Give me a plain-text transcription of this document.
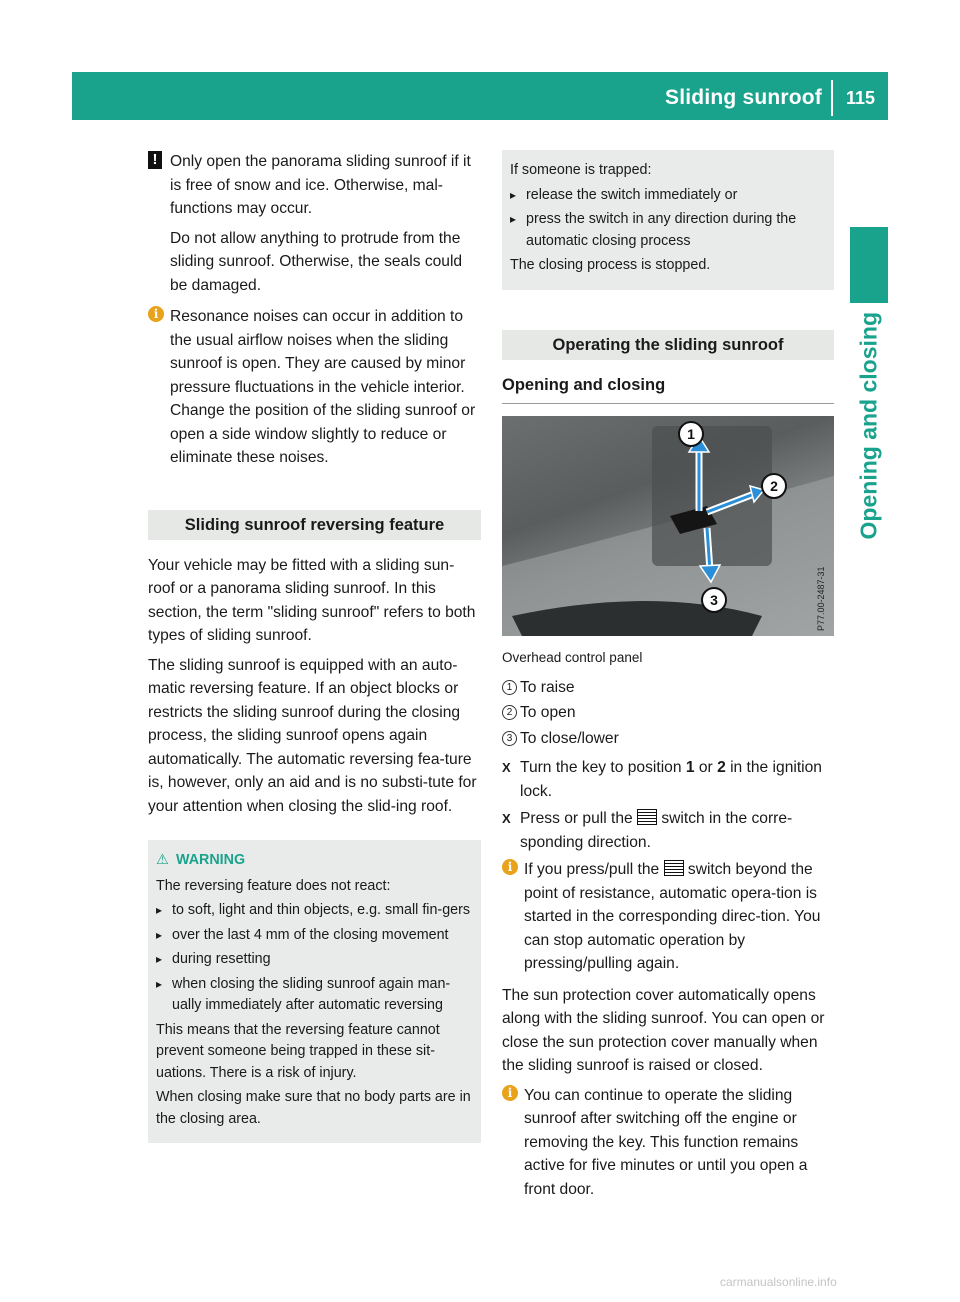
Sliding sunroof 115
Opening and closing
! Only open the panorama sliding sunroof if it is free of snow and ice. Otherwise, mal-functions may occur.

Do not allow anything to protrude from the sliding sunroof. Otherwise, the seals could be damaged.

i Resonance noises can occur in addition to the usual airflow noises when the sliding sunroof is open. They are caused by minor pressure fluctuations in the vehicle interior. Change the position of the sliding sunroof or open a side window slightly to reduce or eliminate these noises.

Sliding sunroof reversing feature

Your vehicle may be fitted with a sliding sun-roof or a panorama sliding sunroof. In this section, the term "sliding sunroof" refers to both types of sliding sunroof.

The sliding sunroof is equipped with an auto-matic reversing feature. If an object blocks or restricts the sliding sunroof during the closing process, the sliding sunroof opens again automatically. The automatic reversing fea-ture is, however, only an aid and is no substi-tute for your attention when closing the slid-ing roof.

⚠ WARNING

The reversing feature does not react:

▸ to soft, light and thin objects, e.g. small fin-gers
▸ over the last 4 mm of the closing movement
▸ during resetting
▸ when closing the sliding sunroof again man-ually immediately after automatic reversing

This means that the reversing feature cannot prevent someone being trapped in these sit-uations. There is a risk of injury.

When closing make sure that no body parts are in the closing area.

If someone is trapped:

▸ release the switch immediately or
▸ press the switch in any direction during the automatic closing process

The closing process is stopped.

Operating the sliding sunroof
Opening and closing
1
2
3	P77.00-2487-31

Overhead control panel

1 To raise
2 To open
3 To close/lower
X Turn the key to position 1 or 2 in the ignition lock.
X Press or pull the  switch in the corre-sponding direction.
i If you press/pull the  switch beyond the point of resistance, automatic opera-tion is started in the corresponding direc-tion. You can stop automatic operation by pressing/pulling again.

The sun protection cover automatically opens along with the sliding sunroof. You can open or close the sun protection cover manually when the sliding sunroof is raised or closed.

i You can continue to operate the sliding sunroof after switching off the engine or removing the key. This function remains active for five minutes or until you open a front door.

carmanualsonline.info
